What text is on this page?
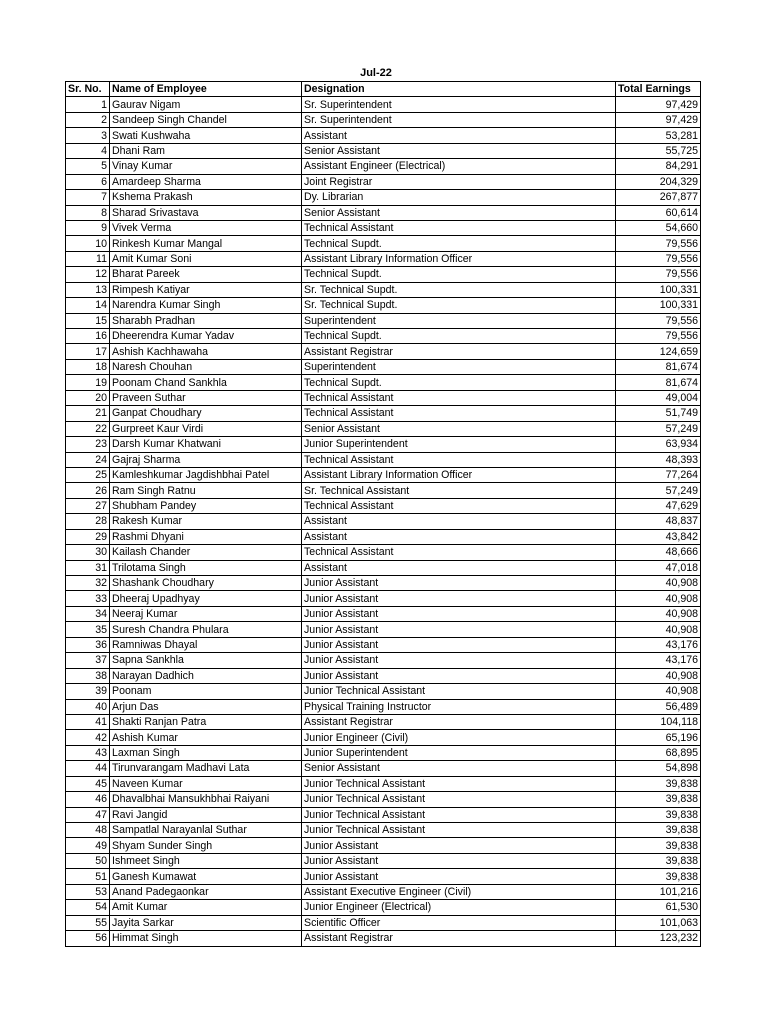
Jul-22
Sr. No.	Name of Employee	Designation	Total Earnings
1	Gaurav Nigam	Sr. Superintendent	97,429
2	Sandeep Singh Chandel	Sr. Superintendent	97,429
3	Swati Kushwaha	Assistant	53,281
4	Dhani Ram	Senior Assistant	55,725
5	Vinay Kumar	Assistant Engineer (Electrical)	84,291
6	Amardeep Sharma	Joint Registrar	204,329
7	Kshema Prakash	Dy. Librarian	267,877
8	Sharad Srivastava	Senior Assistant	60,614
9	Vivek Verma	Technical Assistant	54,660
10	Rinkesh Kumar Mangal	Technical Supdt.	79,556
11	Amit Kumar Soni	Assistant Library Information Officer	79,556
12	Bharat Pareek	Technical Supdt.	79,556
13	Rimpesh Katiyar	Sr. Technical Supdt.	100,331
14	Narendra Kumar Singh	Sr. Technical Supdt.	100,331
15	Sharabh Pradhan	Superintendent	79,556
16	Dheerendra Kumar Yadav	Technical Supdt.	79,556
17	Ashish Kachhawaha	Assistant Registrar	124,659
18	Naresh Chouhan	Superintendent	81,674
19	Poonam Chand Sankhla	Technical Supdt.	81,674
20	Praveen Suthar	Technical Assistant	49,004
21	Ganpat Choudhary	Technical Assistant	51,749
22	Gurpreet Kaur Virdi	Senior Assistant	57,249
23	Darsh Kumar Khatwani	Junior Superintendent	63,934
24	Gajraj Sharma	Technical Assistant	48,393
25	Kamleshkumar Jagdishbhai Patel	Assistant Library Information Officer	77,264
26	Ram Singh Ratnu	Sr. Technical Assistant	57,249
27	Shubham Pandey	Technical Assistant	47,629
28	Rakesh Kumar	Assistant	48,837
29	Rashmi Dhyani	Assistant	43,842
30	Kailash Chander	Technical Assistant	48,666
31	Trilotama Singh	Assistant	47,018
32	Shashank Choudhary	Junior Assistant	40,908
33	Dheeraj Upadhyay	Junior Assistant	40,908
34	Neeraj Kumar	Junior Assistant	40,908
35	Suresh Chandra Phulara	Junior Assistant	40,908
36	Ramniwas Dhayal	Junior Assistant	43,176
37	Sapna Sankhla	Junior Assistant	43,176
38	Narayan Dadhich	Junior Assistant	40,908
39	Poonam	Junior Technical Assistant	40,908
40	Arjun Das	Physical Training Instructor	56,489
41	Shakti Ranjan Patra	Assistant Registrar	104,118
42	Ashish Kumar	Junior Engineer (Civil)	65,196
43	Laxman Singh	Junior Superintendent	68,895
44	Tirunvarangam Madhavi Lata	Senior Assistant	54,898
45	Naveen Kumar	Junior Technical Assistant	39,838
46	Dhavalbhai Mansukhbhai Raiyani	Junior Technical Assistant	39,838
47	Ravi Jangid	Junior Technical Assistant	39,838
48	Sampatlal Narayanlal Suthar	Junior Technical Assistant	39,838
49	Shyam Sunder Singh	Junior Assistant	39,838
50	Ishmeet Singh	Junior Assistant	39,838
51	Ganesh Kumawat	Junior Assistant	39,838
53	Anand Padegaonkar	Assistant Executive Engineer (Civil)	101,216
54	Amit Kumar	Junior Engineer (Electrical)	61,530
55	Jayita Sarkar	Scientific Officer	101,063
56	Himmat Singh	Assistant Registrar	123,232
